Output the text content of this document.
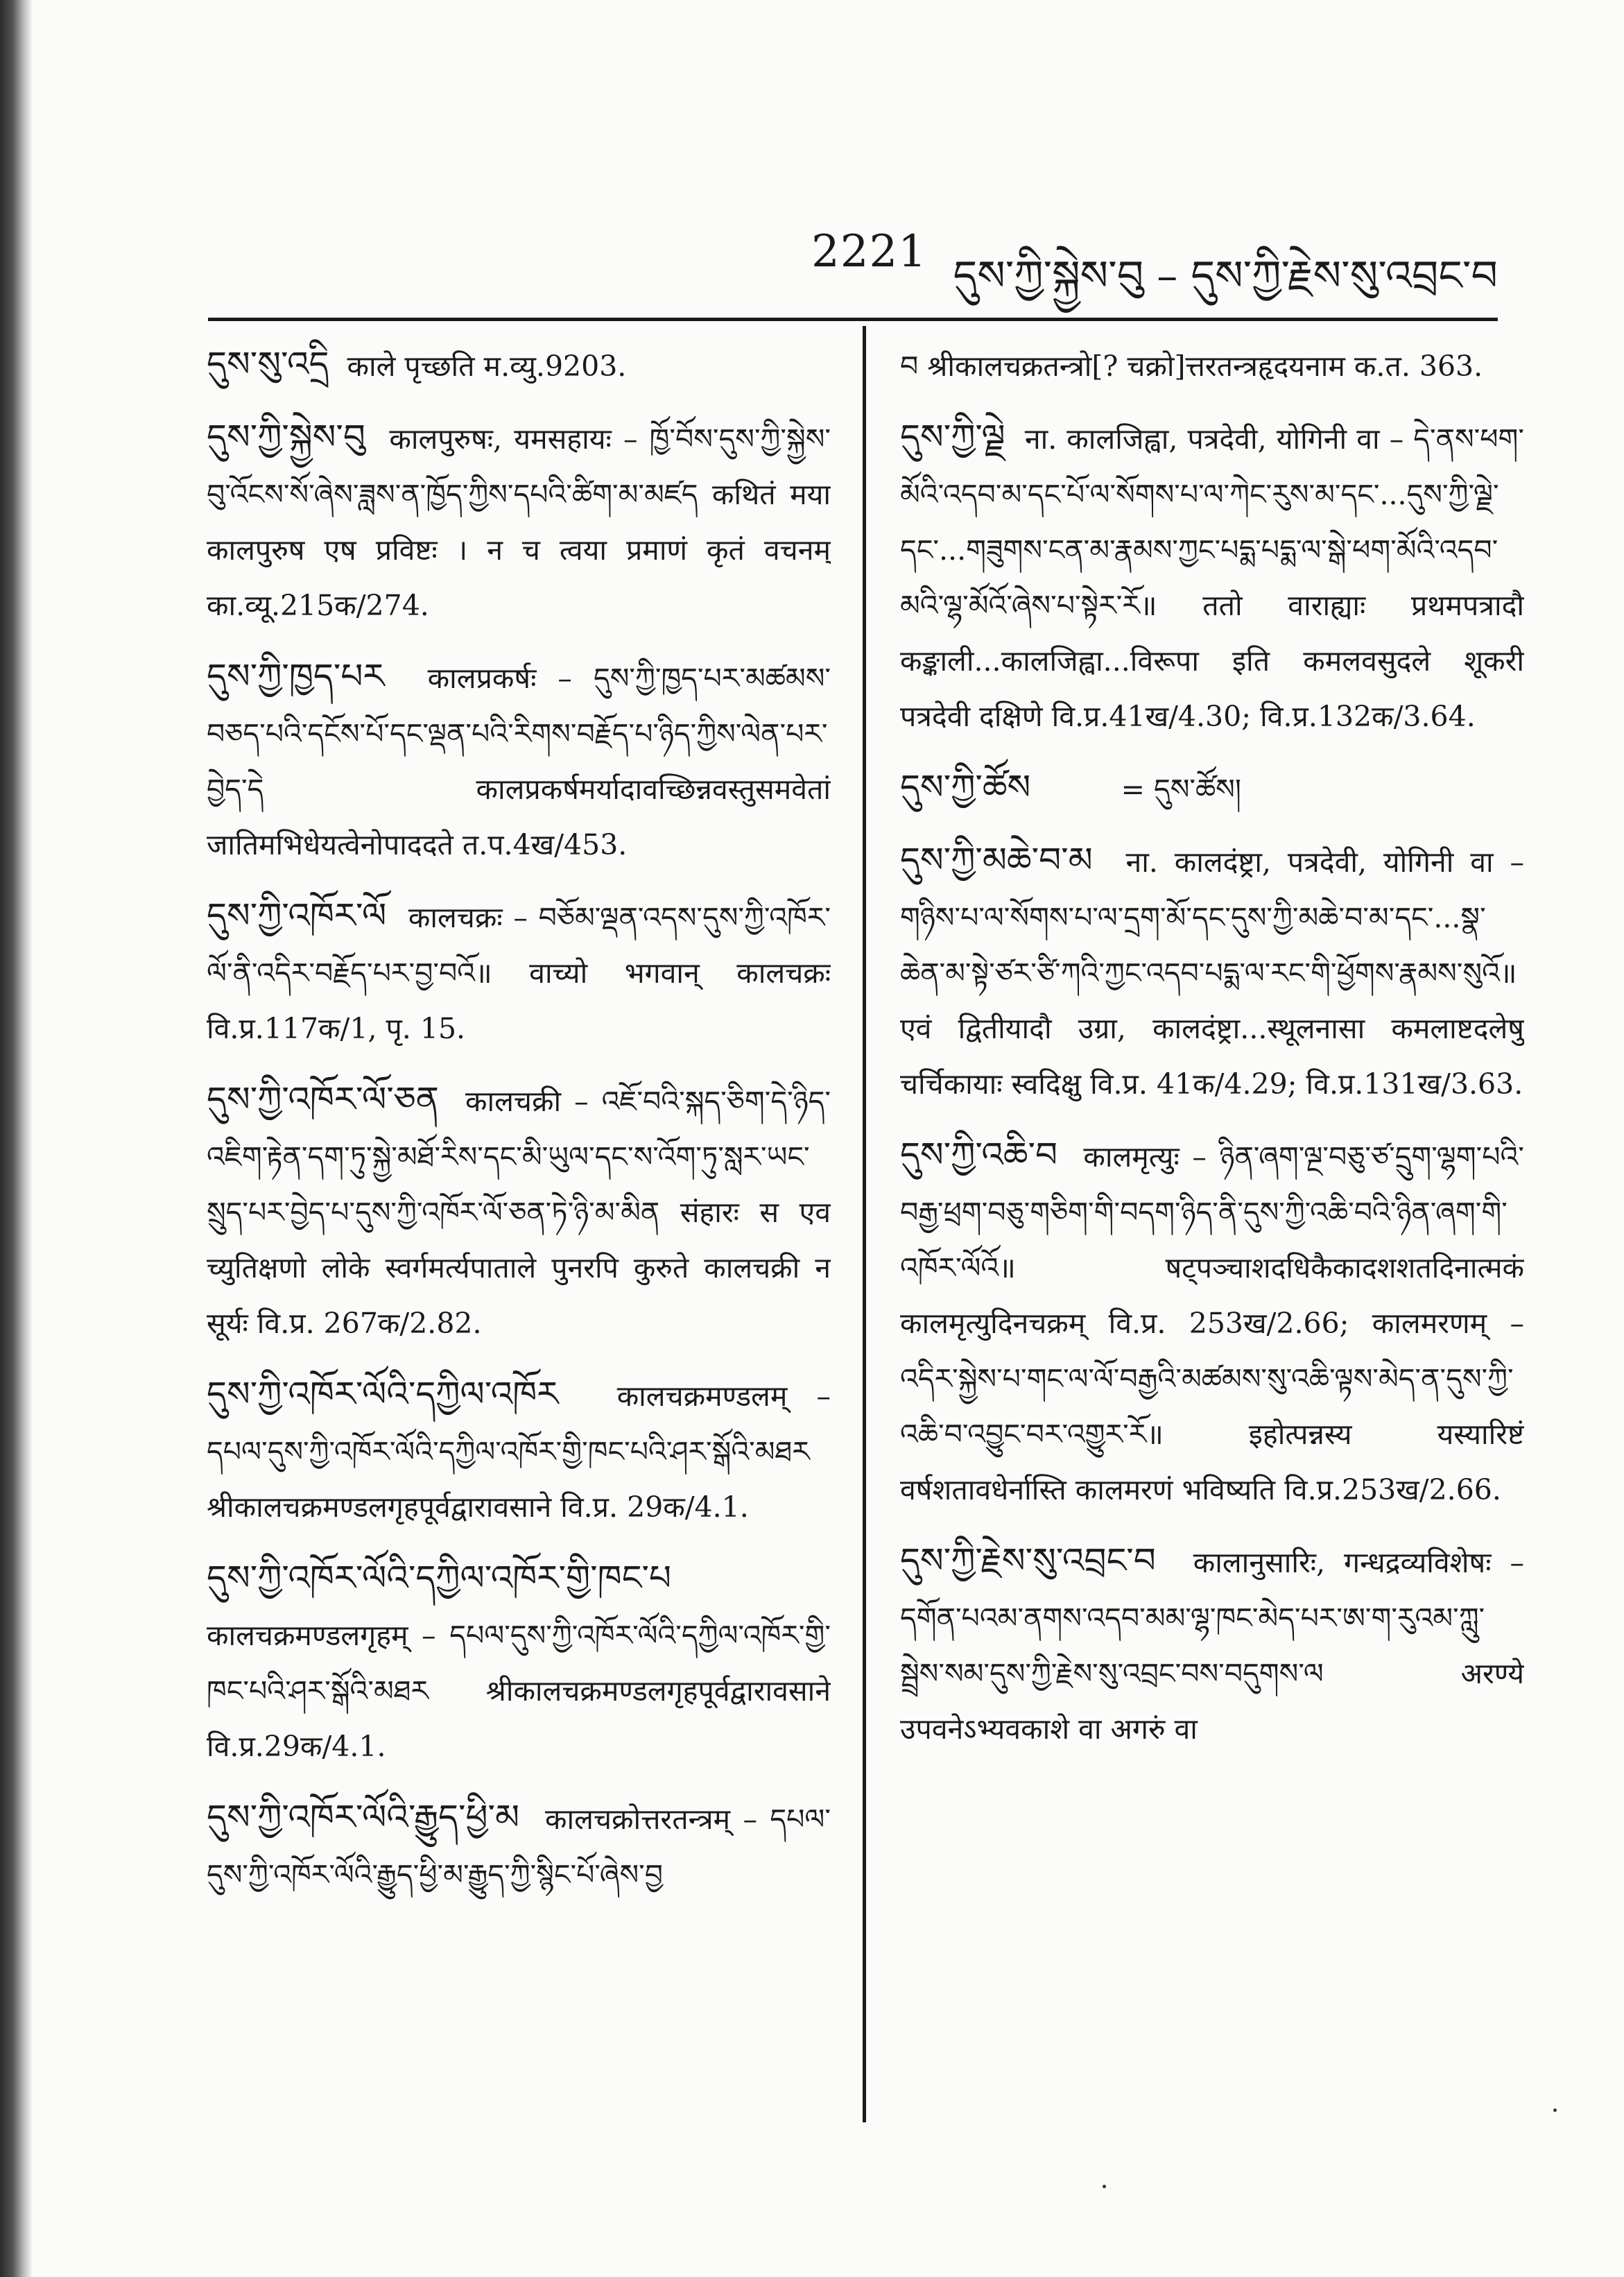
2221 དུས་ཀྱི་སྐྱེས་བུ – དུས་ཀྱི་རྗེས་སུ་འབྲང་བ

དུས་སུ་འདྲི काले पृच्छति म.व्यु.9203.

དུས་ཀྱི་སྐྱེས་བུ कालपुरुषः, यमसहायः – ཁྱོ་བོས་དུས་ཀྱི་སྐྱེས་བུ་འོངས་སོ་ཞེས་ཟླས་ན་ཁྱོད་ཀྱིས་དཔའི་ཚིག་མ་མཛད कथितं मया कालपुरुष एष प्रविष्टः । न च त्वया प्रमाणं कृतं वचनम् का.व्यू.215क/274.

དུས་ཀྱི་ཁྱད་པར कालप्रकर्षः – དུས་ཀྱི་ཁྱད་པར་མཚམས་བཅད་པའི་དངོས་པོ་དང་ལྡན་པའི་རིགས་བརྗོད་པ་ཉིད་ཀྱིས་ལེན་པར་བྱེད་དེ कालप्रकर्षमर्यादावच्छिन्नवस्तुसमवेतां जातिमभिधेयत्वेनोपाददते त.प.4ख/453.

དུས་ཀྱི་འཁོར་ལོ कालचक्रः – བཅོམ་ལྡན་འདས་དུས་ཀྱི་འཁོར་ལོ་ནི་འདིར་བརྗོད་པར་བྱ་བའོ॥ वाच्यो भगवान् कालचक्रः वि.प्र.117क/1, पृ. 15.

དུས་ཀྱི་འཁོར་ལོ་ཅན कालचक्री – འཇོ་བའི་སྐད་ཅིག་དེ་ཉིད་འཇིག་རྟེན་དག་ཏུ་སྐྱེ་མཐོ་རིས་དང་མི་ཡུལ་དང་ས་འོག་ཏུ་སླར་ཡང་སྲུད་པར་བྱེད་པ་དུས་ཀྱི་འཁོར་ལོ་ཅན་ཏེ་ཉི་མ་མིན संहारः स एव च्युतिक्षणो लोके स्वर्गमर्त्यपाताले पुनरपि कुरुते कालचक्री न सूर्यः वि.प्र. 267क/2.82.

དུས་ཀྱི་འཁོར་ལོའི་དཀྱིལ་འཁོར कालचक्रमण्डलम् – དཔལ་དུས་ཀྱི་འཁོར་ལོའི་དཀྱིལ་འཁོར་གྱི་ཁང་པའི་ཤར་སྒོའི་མཐར श्रीकालचक्रमण्डलगृहपूर्वद्वारावसाने वि.प्र. 29क/4.1.

དུས་ཀྱི་འཁོར་ལོའི་དཀྱིལ་འཁོར་གྱི་ཁང་པ  कालचक्रमण्डलगृहम् – དཔལ་དུས་ཀྱི་འཁོར་ལོའི་དཀྱིལ་འཁོར་གྱི་ཁང་པའི་ཤར་སྒོའི་མཐར श्रीकालचक्रमण्डलगृहपूर्वद्वारावसाने वि.प्र.29क/4.1.

དུས་ཀྱི་འཁོར་ལོའི་རྒྱུད་ཕྱི་མ कालचक्रोत्तरतन्त्रम् – དཔལ་དུས་ཀྱི་འཁོར་ལོའི་རྒྱུད་ཕྱི་མ་རྒྱུད་ཀྱི་སྙིང་པོ་ཞེས་བྱ

བ श्रीकालचक्रतन्त्रो[? चक्रो]त्तरतन्त्रहृदयनाम क.त. 363.

དུས་ཀྱི་ལྗེ ना. कालजिह्वा, पत्रदेवी, योगिनी वा – དེ་ནས་ཕག་མོའི་འདབ་མ་དང་པོ་ལ་སོགས་པ་ལ་ཀེང་རུས་མ་དང་...དུས་ཀྱི་ལྗེ་དང་...གཟུགས་ངན་མ་རྣམས་ཀྱང་པདྨ་པདྨ་ལ་སྒེ་ཕག་མོའི་འདབ་མའི་ལྷ་མོའོ་ཞེས་པ་སྟེར་རོ॥ ततो वाराह्याः प्रथमपत्रादौ कङ्काली...कालजिह्वा...विरूपा इति कमलवसुदले शूकरी पत्रदेवी दक्षिणे वि.प्र.41ख/4.30; वि.प्र.132क/3.64.

དུས་ཀྱི་ཚོས	= དུས་ཚོས།

དུས་ཀྱི་མཆེ་བ་མ ना. कालदंष्ट्रा, पत्रदेवी, योगिनी वा – གཉིས་པ་ལ་སོགས་པ་ལ་དྲག་མོ་དང་དུས་ཀྱི་མཆེ་བ་མ་དང་...སྣ་ཆེན་མ་སྟེ་ཙར་ཙི་ཀའི་ཀྱང་འདབ་པདྨ་ལ་རང་གི་ཕྱོགས་རྣམས་སུའོ॥ एवं द्वितीयादौ उग्रा, कालदंष्ट्रा...स्थूलनासा कमलाष्टदलेषु चर्चिकायाः स्वदिक्षु वि.प्र. 41क/4.29; वि.प्र.131ख/3.63.

དུས་ཀྱི་འཆི་བ कालमृत्युः – ཉིན་ཞག་ལྔ་བཅུ་ཙ་དྲུག་ལྷག་པའི་བརྒྱ་ཕྲག་བཅུ་གཅིག་གི་བདག་ཉིད་ནི་དུས་ཀྱི་འཆི་བའི་ཉིན་ཞག་གི་འཁོར་ལོའོ॥ षट्पञ्चाशदधिकैकादशशतदिनात्मकं कालमृत्युदिनचक्रम् वि.प्र. 253ख/2.66; कालमरणम् – འདིར་སྐྱེས་པ་གང་ལ་ལོ་བརྒྱའི་མཚམས་སུ་འཆི་ལྟས་མེད་ན་དུས་ཀྱི་འཆི་བ་འབྱུང་བར་འགྱུར་རོ॥ इहोत्पन्नस्य यस्यारिष्टं वर्षशतावधेर्नास्ति कालमरणं भविष्यति वि.प्र.253ख/2.66.

དུས་ཀྱི་རྗེས་སུ་འབྲང་བ कालानुसारिः, गन्धद्रव्यविशेषः – དགོན་པའམ་ནགས་འདབ་མམ་ལྷ་ཁང་མེད་པར་ཨ་ག་རུའམ་ཀླུ་སྦྲེས་སམ་དུས་ཀྱི་རྗེས་སུ་འབྲང་བས་བདུགས་ལ अरण्ये उपवनेऽभ्यवकाशे वा अगरुं वा
